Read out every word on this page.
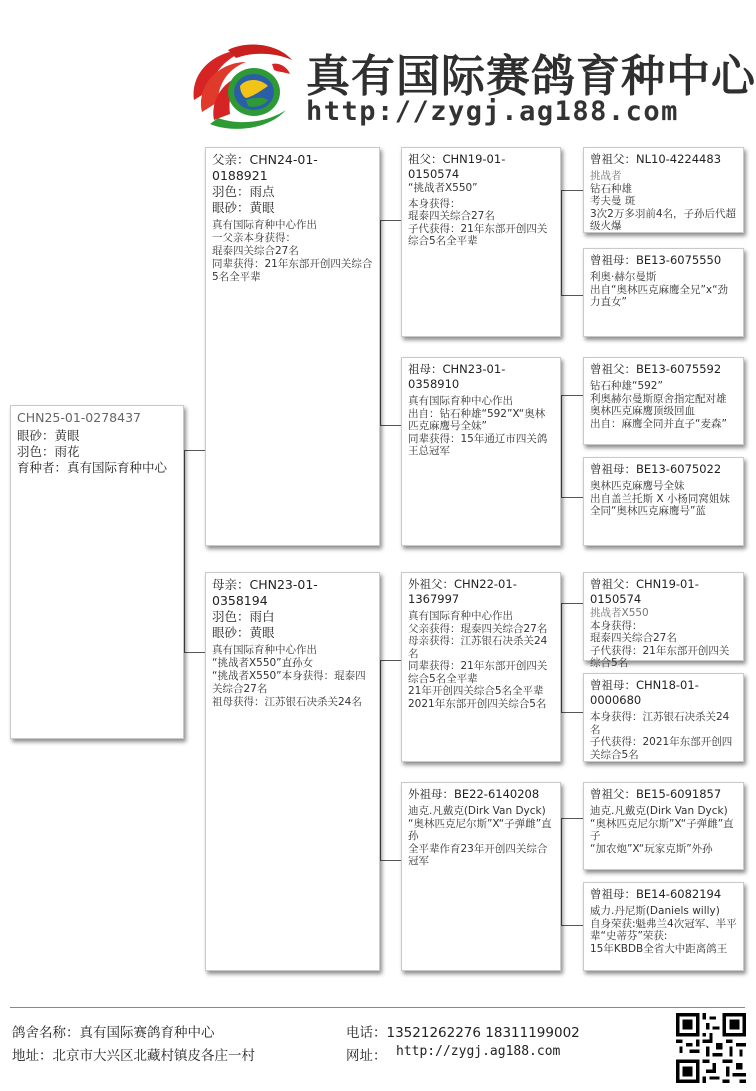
真有国际赛鸽育种中心
http://zygj.ag188.com
CHN25-01-0278437
眼砂：黄眼
羽色：雨花
育种者：真有国际育种中心
父亲：CHN24-01-0188921
羽色：雨点
眼砂：黄眼
真有国际育种中心作出
一父亲本身获得：
琨泰四关综合27名
同辈获得：21年东部开创四关综合5名全平辈
母亲：CHN23-01-0358194
羽色：雨白
眼砂：黄眼
真有国际育种中心作出
“挑战者X550”直孙女
“挑战者X550”本身获得：琨泰四关综合27名
祖母获得：江苏银石决杀关24名
祖父：CHN19-01-0150574
“挑战者X550”
本身获得：
琨泰四关综合27名
子代获得：21年东部开创四关综合5名全平辈
祖母：CHN23-01-0358910
真有国际育种中心作出
出自：钻石种雄“592”X“奥林匹克麻鹰号全妹”
同辈获得：15年通辽市四关鸽王总冠军
外祖父：CHN22-01-1367997
真有国际育种中心作出
父亲获得：琨泰四关综合27名
母亲获得：江苏银石决杀关24名
同辈获得：21年东部开创四关综合5名全平辈
21年开创四关综合5名全平辈
2021年东部开创四关综合5名
外祖母：BE22-6140208
迪克.凡戴克(Dirk Van Dyck)
“奥林匹克尼尔斯”X“子弹雌”直孙
全平辈作育23年开创四关综合冠军
曾祖父：NL10-4224483
挑战者
钻石种雄
考夫曼 斑
3次2万多羽前4名，子孙后代超级火爆
曾祖母：BE13-6075550
利奥·赫尔曼斯
出自“奥林匹克麻鹰全兄”x“劲力直女”
曾祖父：BE13-6075592
钻石种雄“592”
利奥赫尔曼斯原舍指定配对雄
奥林匹克麻鹰顶级回血
出自：麻鹰全同并直子“麦森”
曾祖母：BE13-6075022
奥林匹克麻鹰号全妹
出自盖兰托斯 X 小杨同窝姐妹
全同“奥林匹克麻鹰号”蓝
曾祖父：CHN19-01-0150574
挑战者X550
本身获得：
琨泰四关综合27名
子代获得：21年东部开创四关综合5名
曾祖母：CHN18-01-0000680
本身获得：江苏银石决杀关24名
子代获得：2021年东部开创四关综合5名
曾祖父：BE15-6091857
迪克.凡戴克(Dirk Van Dyck)
“奥林匹克尼尔斯”X“子弹雌”直子
“加农炮”X“玩家克斯”外孙
曾祖母：BE14-6082194
威力.丹尼斯(Daniels willy)
自身荣获:魁弗兰4次冠军、半平辈“史蒂芬”荣获:
15年KBDB全省大中距离鸽王
鸽舍名称：真有国际赛鸽育种中心
地址：北京市大兴区北藏村镇皮各庄一村
电话：13521262276 18311199002
网址： http://zygj.ag188.com
